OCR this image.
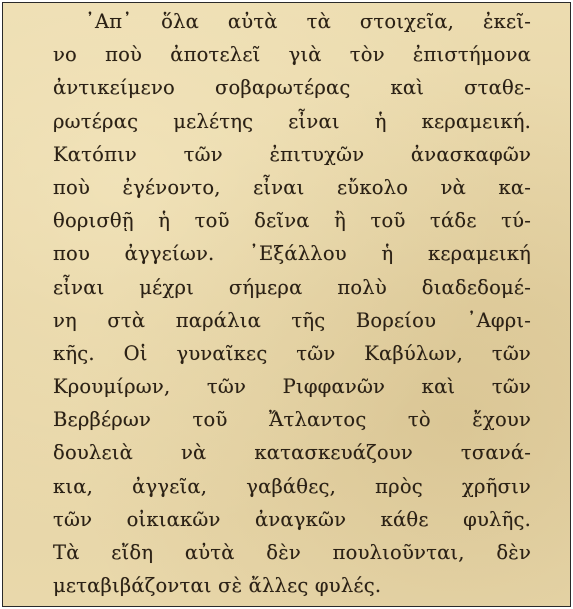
᾿Απ᾿ ὅλα αὐτὰ τὰ στοιχεῖα, ἐκεῖ-
νο ποὺ ἀποτελεῖ γιὰ τὸν ἐπιστήμονα
ἀντικείμενο σοβαρωτέρας καὶ σταθε-
ρωτέρας μελέτης εἶναι ἡ κεραμεική.
Κατόπιν τῶν ἐπιτυχῶν ἀνασκαφῶν
ποὺ ἐγένοντο, εἶναι εὔκολο νὰ κα-
θορισθῇ ἡ τοῦ δεῖνα ἢ τοῦ τάδε τύ-
που ἀγγείων. ᾿Εξάλλου ἡ κεραμεική
εἶναι μέχρι σήμερα πολὺ διαδεδομέ-
νη στὰ παράλια τῆς Βορείου ᾿Αφρι-
κῆς. Οἱ γυναῖκες τῶν Καβύλων, τῶν
Κρουμίρων, τῶν Ριφφανῶν καὶ τῶν
Βερβέρων τοῦ Ἄτλαντος τὸ ἔχουν
δουλειὰ νὰ κατασκευάζουν τσανά-
κια, ἀγγεῖα, γαβάθες, πρὸς χρῆσιν
τῶν οἰκιακῶν ἀναγκῶν κάθε φυλῆς.
Τὰ εἴδη αὐτὰ δὲν πουλιοῦνται, δὲν
μεταβιβάζονται σὲ ἄλλες φυλές.
